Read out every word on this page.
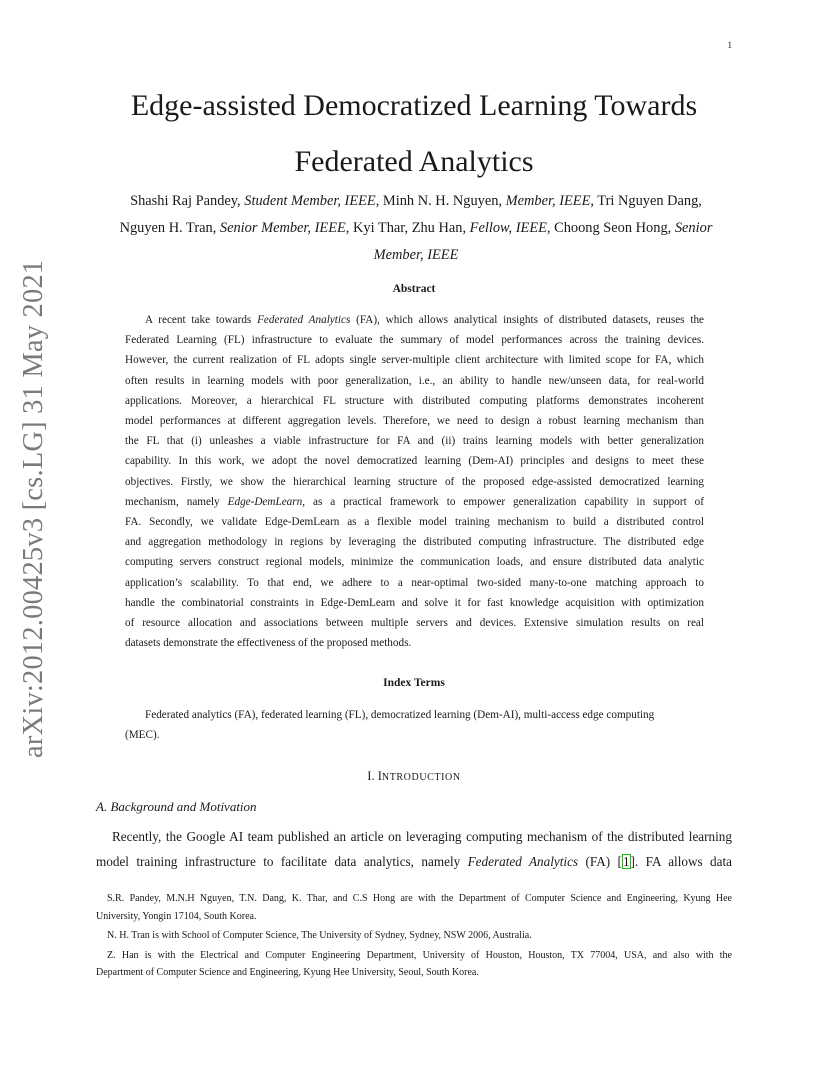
1
arXiv:2012.00425v3 [cs.LG] 31 May 2021
Edge-assisted Democratized Learning Towards
Federated Analytics
Shashi Raj Pandey, Student Member, IEEE, Minh N. H. Nguyen, Member, IEEE, Tri Nguyen Dang,
Nguyen H. Tran, Senior Member, IEEE, Kyi Thar, Zhu Han, Fellow, IEEE, Choong Seon Hong, Senior
Member, IEEE
Abstract
A recent take towards Federated Analytics (FA), which allows analytical insights of distributed datasets, reuses the
Federated Learning (FL) infrastructure to evaluate the summary of model performances across the training devices.
However, the current realization of FL adopts single server-multiple client architecture with limited scope for FA, which
often results in learning models with poor generalization, i.e., an ability to handle new/unseen data, for real-world
applications. Moreover, a hierarchical FL structure with distributed computing platforms demonstrates incoherent
model performances at different aggregation levels. Therefore, we need to design a robust learning mechanism than
the FL that (i) unleashes a viable infrastructure for FA and (ii) trains learning models with better generalization
capability. In this work, we adopt the novel democratized learning (Dem-AI) principles and designs to meet these
objectives. Firstly, we show the hierarchical learning structure of the proposed edge-assisted democratized learning
mechanism, namely Edge-DemLearn, as a practical framework to empower generalization capability in support of
FA. Secondly, we validate Edge-DemLearn as a flexible model training mechanism to build a distributed control
and aggregation methodology in regions by leveraging the distributed computing infrastructure. The distributed edge
computing servers construct regional models, minimize the communication loads, and ensure distributed data analytic
application’s scalability. To that end, we adhere to a near-optimal two-sided many-to-one matching approach to
handle the combinatorial constraints in Edge-DemLearn and solve it for fast knowledge acquisition with optimization
of resource allocation and associations between multiple servers and devices. Extensive simulation results on real
datasets demonstrate the effectiveness of the proposed methods.
Index Terms
Federated analytics (FA), federated learning (FL), democratized learning (Dem-AI), multi-access edge computing
(MEC).
I. INTRODUCTION
A. Background and Motivation
Recently, the Google AI team published an article on leveraging computing mechanism of the distributed learning
model training infrastructure to facilitate data analytics, namely Federated Analytics (FA) [1]. FA allows data
S.R. Pandey, M.N.H Nguyen, T.N. Dang, K. Thar, and C.S Hong are with the Department of Computer Science and Engineering, Kyung Hee
University, Yongin 17104, South Korea.
N. H. Tran is with School of Computer Science, The University of Sydney, Sydney, NSW 2006, Australia.
Z. Han is with the Electrical and Computer Engineering Department, University of Houston, Houston, TX 77004, USA, and also with the
Department of Computer Science and Engineering, Kyung Hee University, Seoul, South Korea.
